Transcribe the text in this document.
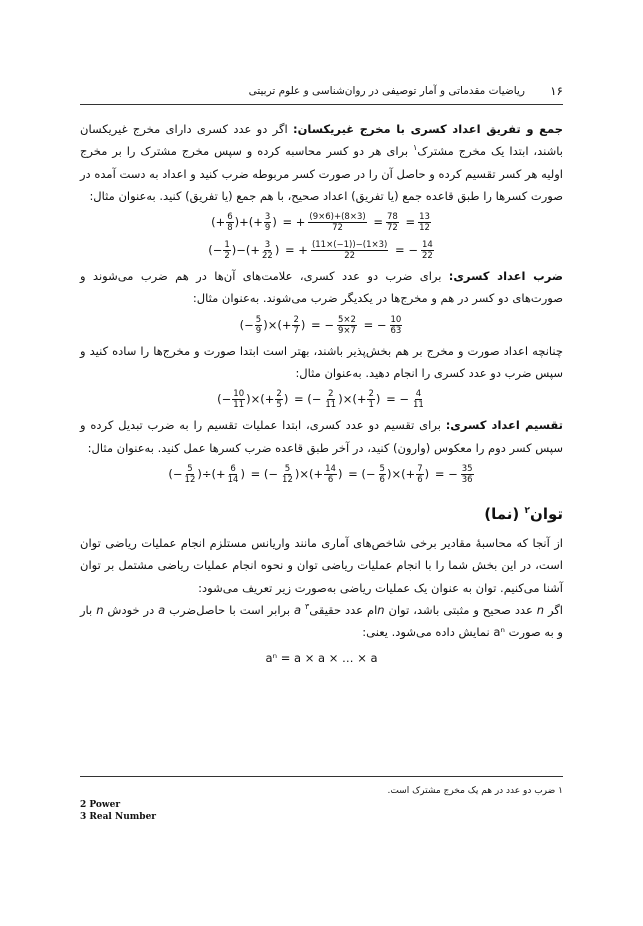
۱۶
ریاضیات مقدماتی و آمار توصیفی در روان‌شناسی و علوم تربیتی

جمع و تفریق اعداد کسری با مخرج غیریکسان: اگر دو عدد کسری دارای مخرج غیریکسان باشند، ابتدا یک مخرج مشترک$^۱$ برای هر دو کسر محاسبه کرده و سپس مخرج مشترک را بر مخرج اولیه هر کسر تقسیم کرده و حاصل آن را در صورت کسر مربوطه ضرب کنید و اعداد به دست آمده در صورت کسرها را طبق قاعده جمع (یا تفریق) اعداد صحیح، با هم جمع (یا تفریق) کنید. به‌عنوان مثال:

(+ $\frac{6}{8}$ )+(+ $\frac{3}{9}$ ) = + $\frac{(9\times 6)+(8\times 3)}{72} = \frac{78}{72} = \frac{13}{12}$
(− $\frac{1}{2}$ )−(+ $\frac{3}{22}$ ) = + $\frac{(11\times(-1))-(1\times 3)}{22}$ = − $\frac{14}{22}$

ضرب اعداد کسری: برای ضرب دو عدد کسری، علامت‌های آن‌ها در هم ضرب می‌شوند و صورت‌های دو کسر در هم و مخرج‌ها در یکدیگر ضرب می‌شوند. به‌عنوان مثال:

(− $\frac{5}{9}$ )×(+ $\frac{2}{7}$ ) = − $\frac{5\times 2}{9\times 7}$ = − $\frac{10}{63}$

چنانچه اعداد صورت و مخرج بر هم بخش‌پذیر باشند، بهتر است ابتدا صورت و مخرج‌ها را ساده کنید و سپس ضرب دو عدد کسری را انجام دهید. به‌عنوان مثال:

(− $\frac{10}{11}$ )×(+ $\frac{2}{5}$ ) = (− $\frac{2}{11}$ )×(+ $\frac{2}{1}$ ) = − $\frac{4}{11}$

تقسیم اعداد کسری: برای تقسیم دو عدد کسری، ابتدا عملیات تقسیم را به ضرب تبدیل کرده و سپس کسر دوم را معکوس (وارون) کنید، در آخر طبق قاعده ضرب کسرها عمل کنید. به‌عنوان مثال:

(− $\frac{5}{12}$ )÷(+ $\frac{6}{14}$ ) = (− $\frac{5}{12}$ )×(+ $\frac{14}{6}$ ) = (− $\frac{5}{6}$ )×(+ $\frac{7}{6}$ ) = − $\frac{35}{36}$
توان$^۲$ (نما)

از آنجا که محاسبهٔ مقادیر برخی شاخص‌های آماری مانند واریانس مستلزم انجام عملیات ریاضی توان است، در این بخش شما را با انجام عملیات ریاضی توان و نحوه انجام عملیات ریاضی مشتمل بر توان آشنا می‌کنیم. توان به عنوان یک عملیات ریاضی به‌صورت زیر تعریف می‌شود:

اگر n عدد صحیح و مثبتی باشد، توان nام عدد حقیقی$^۳$ a برابر است با حاصل‌ضرب a در خودش n بار و به صورت aⁿ نمایش داده می‌شود. یعنی:

aⁿ = a × a × … × a
۱ ضرب دو عدد در هم یک مخرج مشترک است.
2 Power
3 Real Number
